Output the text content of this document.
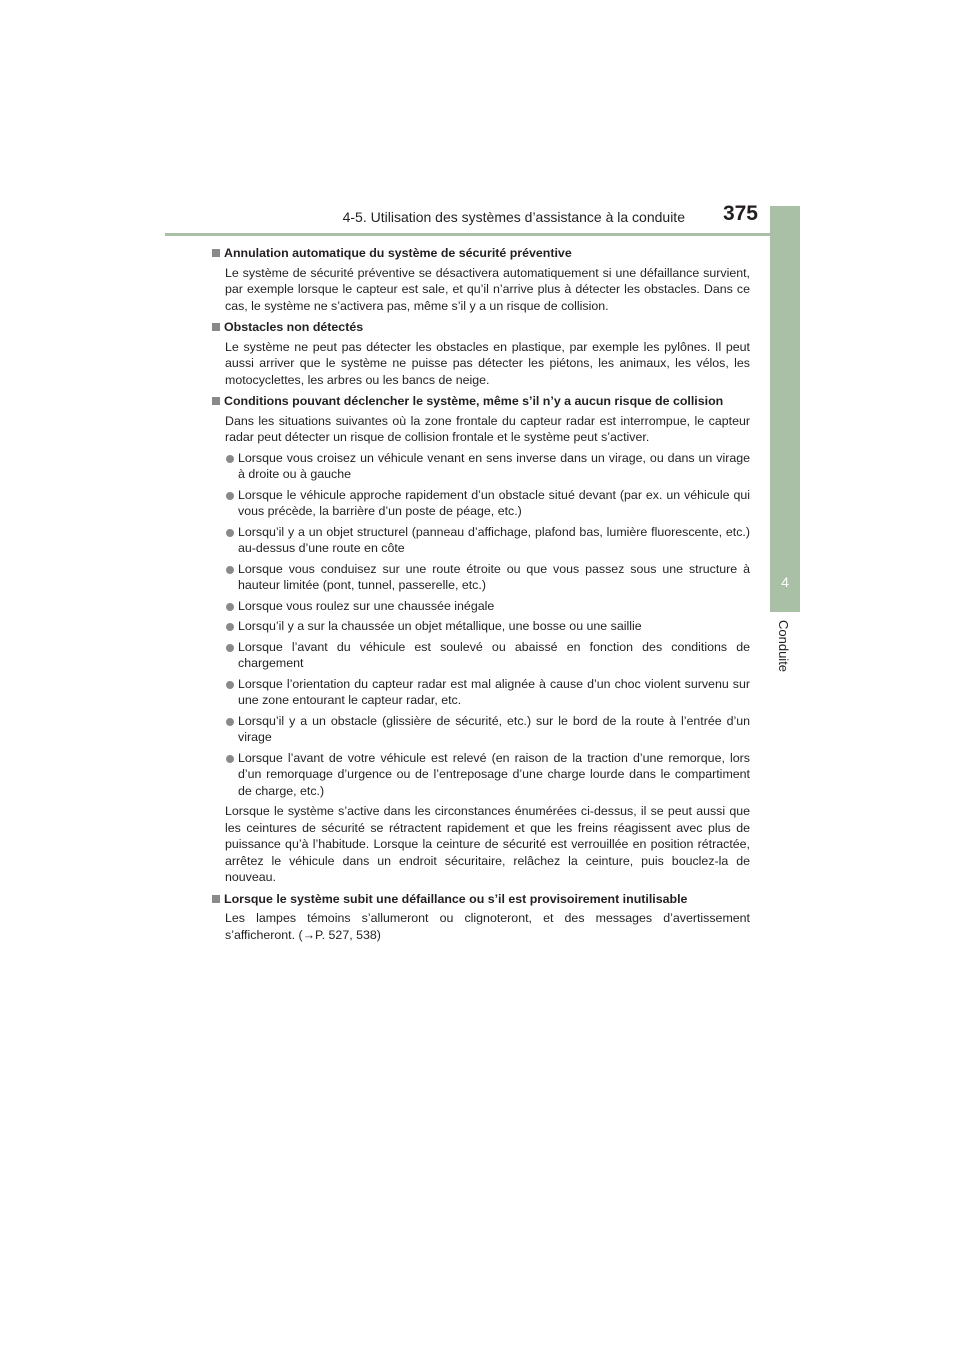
4-5. Utilisation des systèmes d’assistance à la conduite 375
4
Conduite
Annulation automatique du système de sécurité préventive
Le système de sécurité préventive se désactivera automatiquement si une défaillance survient, par exemple lorsque le capteur est sale, et qu’il n’arrive plus à détecter les obstacles. Dans ce cas, le système ne s’activera pas, même s’il y a un risque de collision.
Obstacles non détectés
Le système ne peut pas détecter les obstacles en plastique, par exemple les pylônes. Il peut aussi arriver que le système ne puisse pas détecter les piétons, les animaux, les vélos, les motocyclettes, les arbres ou les bancs de neige.
Conditions pouvant déclencher le système, même s’il n’y a aucun risque de collision
Dans les situations suivantes où la zone frontale du capteur radar est interrompue, le capteur radar peut détecter un risque de collision frontale et le système peut s’activer.
Lorsque vous croisez un véhicule venant en sens inverse dans un virage, ou dans un virage à droite ou à gauche
Lorsque le véhicule approche rapidement d’un obstacle situé devant (par ex. un véhicule qui vous précède, la barrière d’un poste de péage, etc.)
Lorsqu’il y a un objet structurel (panneau d’affichage, plafond bas, lumière fluorescente, etc.) au-dessus d’une route en côte
Lorsque vous conduisez sur une route étroite ou que vous passez sous une structure à hauteur limitée (pont, tunnel, passerelle, etc.)
Lorsque vous roulez sur une chaussée inégale
Lorsqu’il y a sur la chaussée un objet métallique, une bosse ou une saillie
Lorsque l’avant du véhicule est soulevé ou abaissé en fonction des conditions de chargement
Lorsque l’orientation du capteur radar est mal alignée à cause d’un choc violent survenu sur une zone entourant le capteur radar, etc.
Lorsqu’il y a un obstacle (glissière de sécurité, etc.) sur le bord de la route à l’entrée d’un virage
Lorsque l’avant de votre véhicule est relevé (en raison de la traction d’une remorque, lors d’un remorquage d’urgence ou de l’entreposage d’une charge lourde dans le compartiment de charge, etc.)
Lorsque le système s’active dans les circonstances énumérées ci-dessus, il se peut aussi que les ceintures de sécurité se rétractent rapidement et que les freins réagissent avec plus de puissance qu’à l’habitude. Lorsque la ceinture de sécurité est verrouillée en position rétractée, arrêtez le véhicule dans un endroit sécuritaire, relâchez la ceinture, puis bouclez-la de nouveau.
Lorsque le système subit une défaillance ou s’il est provisoirement inutilisable
Les lampes témoins s’allumeront ou clignoteront, et des messages d’avertissement s’afficheront. (→P. 527, 538)
